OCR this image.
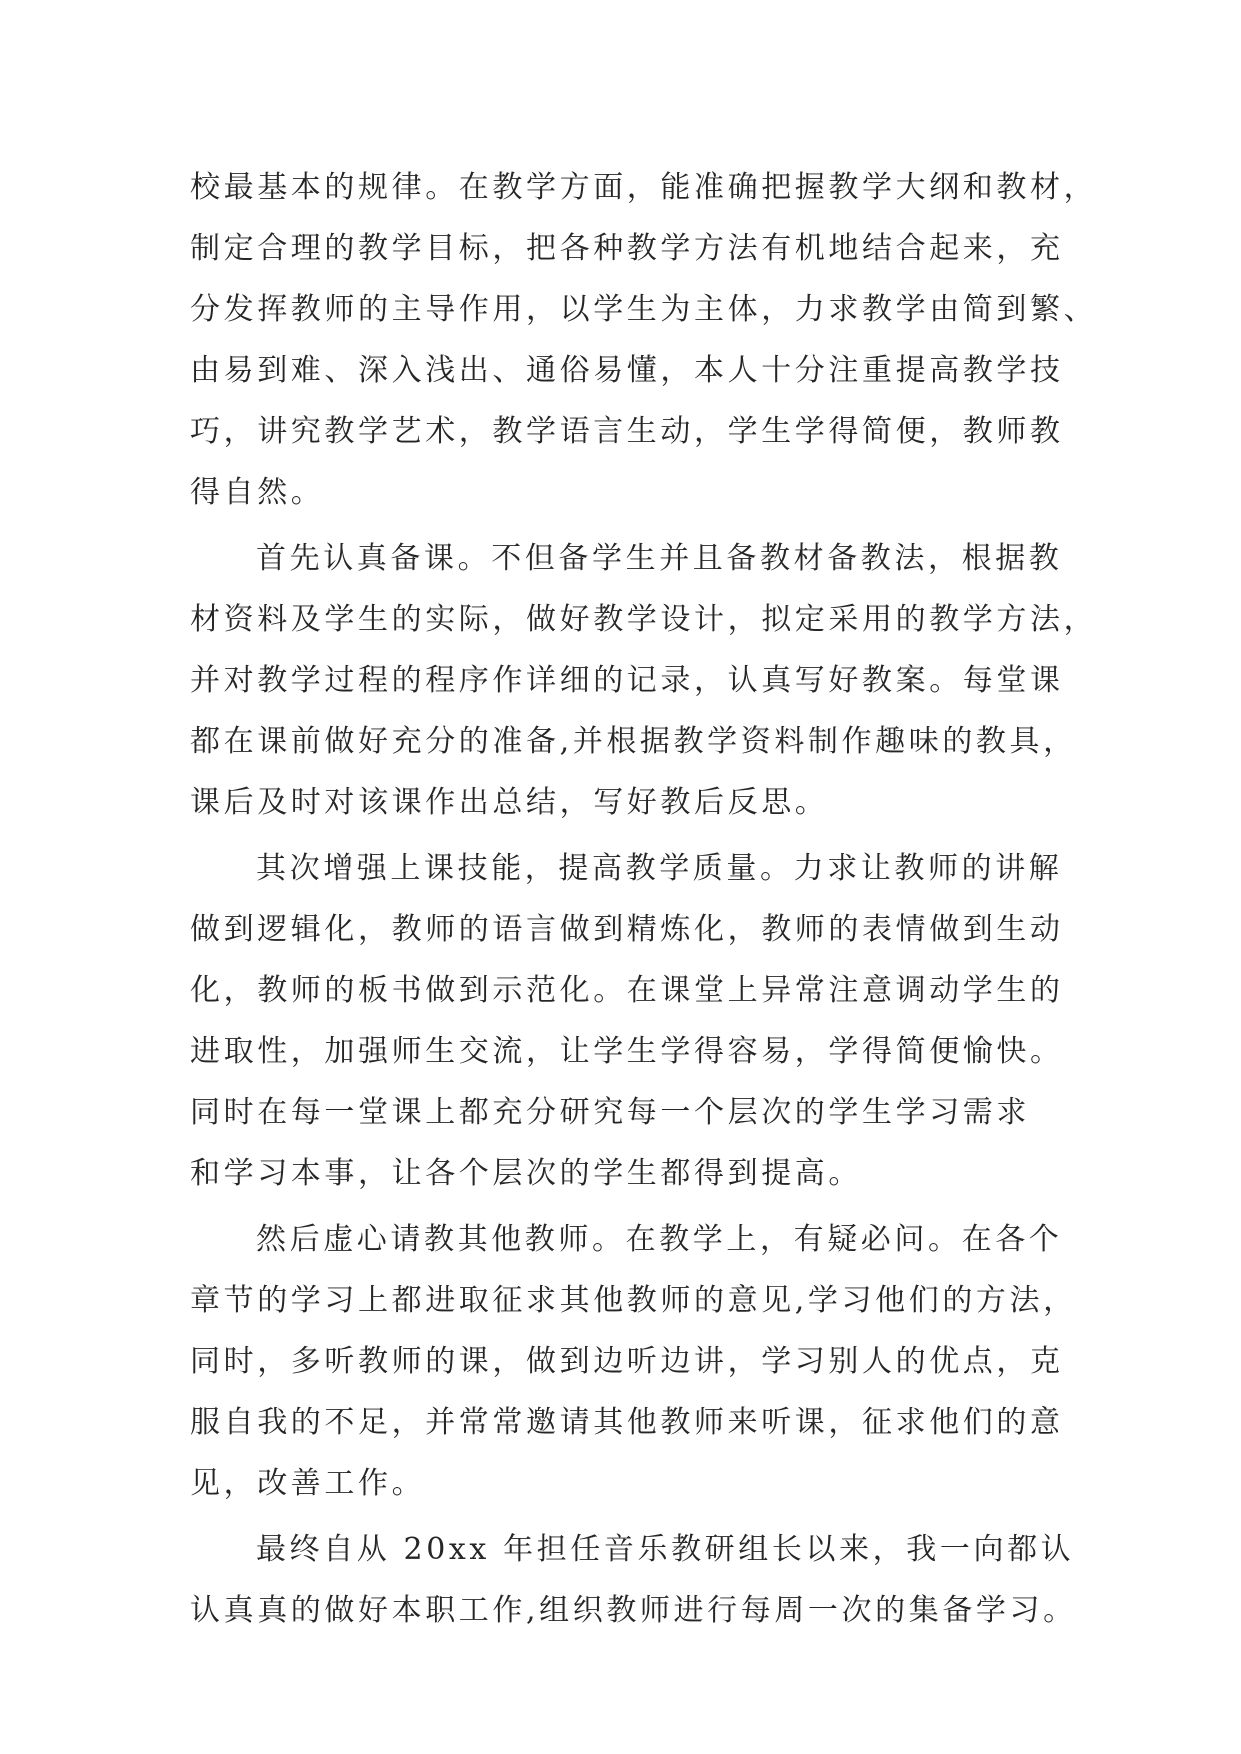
校最基本的规律。在教学方面，能准确把握教学大纲和教材，
制定合理的教学目标，把各种教学方法有机地结合起来，充
分发挥教师的主导作用，以学生为主体，力求教学由简到繁、
由易到难、深入浅出、通俗易懂，本人十分注重提高教学技
巧，讲究教学艺术，教学语言生动，学生学得简便，教师教
得自然。
首先认真备课。不但备学生并且备教材备教法，根据教
材资料及学生的实际，做好教学设计，拟定采用的教学方法，
并对教学过程的程序作详细的记录，认真写好教案。每堂课
都在课前做好充分的准备,并根据教学资料制作趣味的教具，
课后及时对该课作出总结，写好教后反思。
其次增强上课技能，提高教学质量。力求让教师的讲解
做到逻辑化，教师的语言做到精炼化，教师的表情做到生动
化，教师的板书做到示范化。在课堂上异常注意调动学生的
进取性，加强师生交流，让学生学得容易，学得简便愉快。
同时在每一堂课上都充分研究每一个层次的学生学习需求
和学习本事，让各个层次的学生都得到提高。
然后虚心请教其他教师。在教学上，有疑必问。在各个
章节的学习上都进取征求其他教师的意见,学习他们的方法，
同时，多听教师的课，做到边听边讲，学习别人的优点，克
服自我的不足，并常常邀请其他教师来听课，征求他们的意
见，改善工作。
最终自从 20xx 年担任音乐教研组长以来，我一向都认
认真真的做好本职工作,组织教师进行每周一次的集备学习。
